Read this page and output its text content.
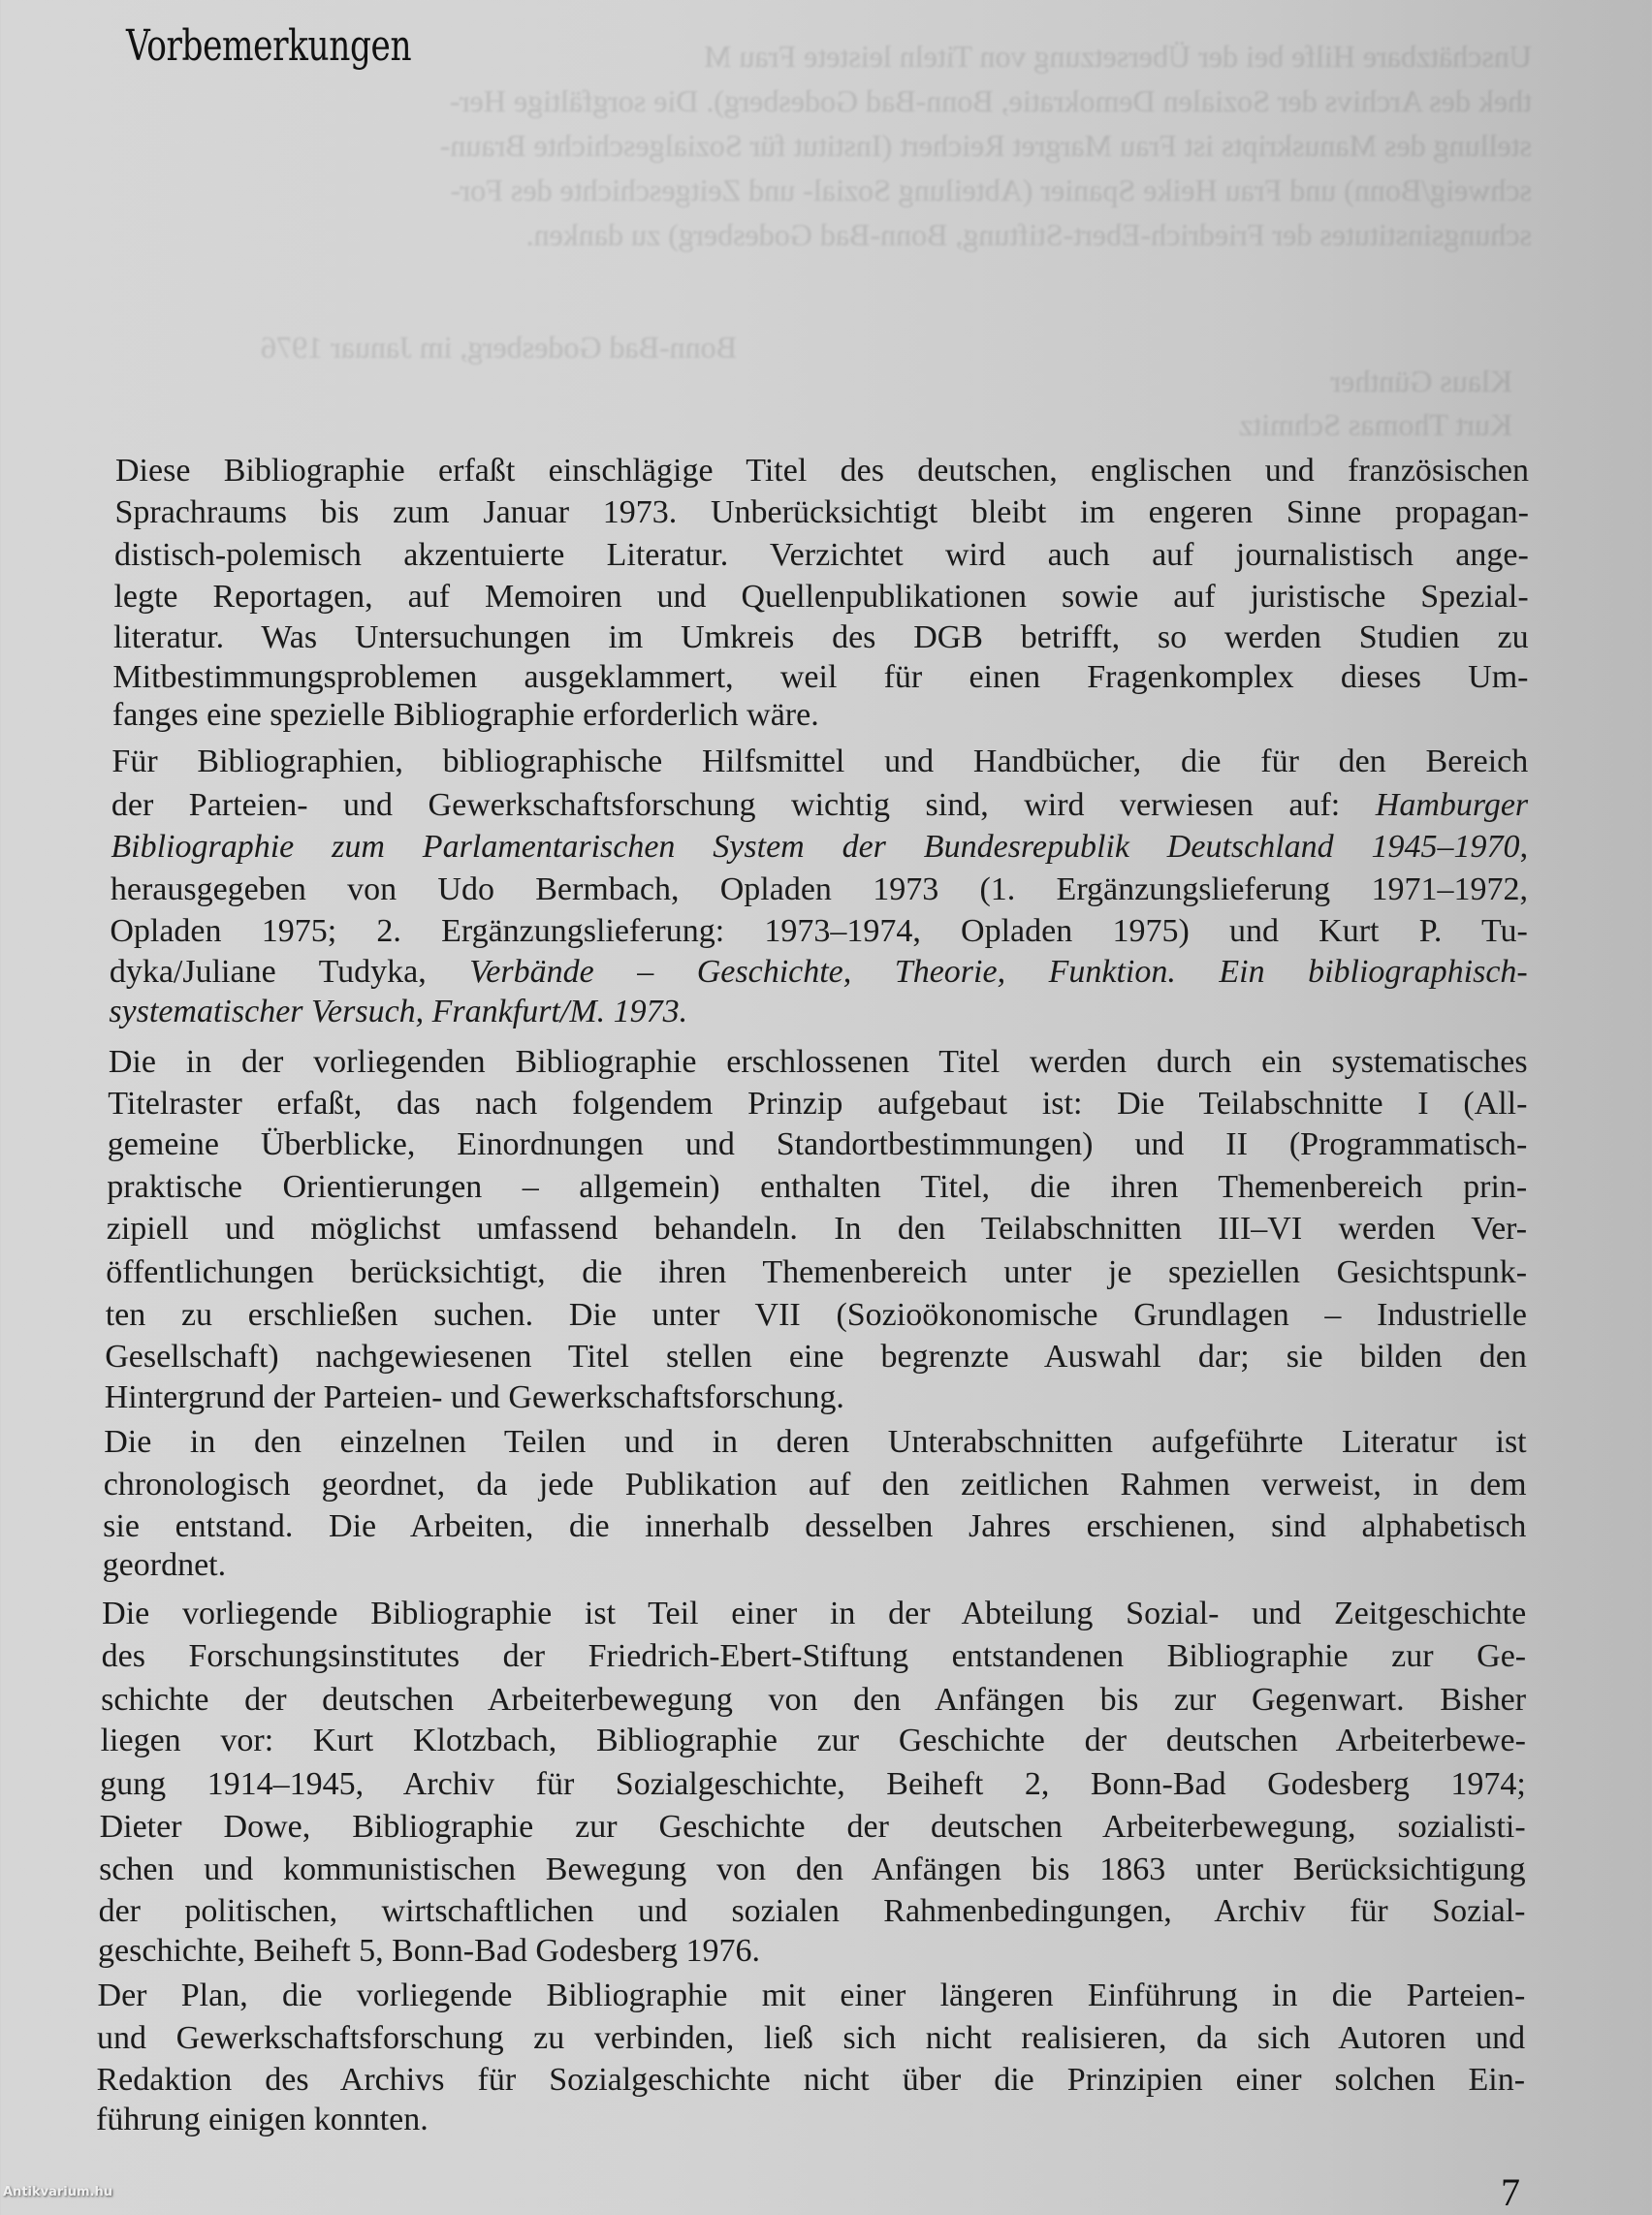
Unschätzbare Hilfe bei der Übersetzung von Titeln leistete Frau M
thek des Archivs der Sozialen Demokratie, Bonn-Bad Godesberg). Die sorgfältige Her-
stellung des Manuskripts ist Frau Margret Reichert (Institut für Sozialgeschichte Braun-
schweig/Bonn) und Frau Heike Spanier (Abteilung Sozial- und Zeitgeschichte des For-
schungsinstitutes der Friedrich-Ebert-Stiftung, Bonn-Bad Godesberg) zu danken.
Bonn-Bad Godesberg, im Januar 1976
Klaus Günther
Kurt Thomas Schmitz
Vorbemerkungen
Diese Bibliographie erfaßt einschlägige Titel des deutschen, englischen und französischen
Sprachraums bis zum Januar 1973. Unberücksichtigt bleibt im engeren Sinne propagan-
distisch-polemisch akzentuierte Literatur. Verzichtet wird auch auf journalistisch ange-
legte Reportagen, auf Memoiren und Quellenpublikationen sowie auf juristische Spezial-
literatur. Was Untersuchungen im Umkreis des DGB betrifft, so werden Studien zu
Mitbestimmungsproblemen ausgeklammert, weil für einen Fragenkomplex dieses Um-
fanges eine spezielle Bibliographie erforderlich wäre.
Für Bibliographien, bibliographische Hilfsmittel und Handbücher, die für den Bereich
der Parteien- und Gewerkschaftsforschung wichtig sind, wird verwiesen auf: Hamburger
Bibliographie zum Parlamentarischen System der Bundesrepublik Deutschland 1945–1970,
herausgegeben von Udo Bermbach, Opladen 1973 (1. Ergänzungslieferung 1971–1972,
Opladen 1975; 2. Ergänzungslieferung: 1973–1974, Opladen 1975) und Kurt P. Tu-
dyka/Juliane Tudyka, Verbände – Geschichte, Theorie, Funktion. Ein bibliographisch-
systematischer Versuch, Frankfurt/M. 1973.
Die in der vorliegenden Bibliographie erschlossenen Titel werden durch ein systematisches
Titelraster erfaßt, das nach folgendem Prinzip aufgebaut ist: Die Teilabschnitte I (All-
gemeine Überblicke, Einordnungen und Standortbestimmungen) und II (Programmatisch-
praktische Orientierungen – allgemein) enthalten Titel, die ihren Themenbereich prin-
zipiell und möglichst umfassend behandeln. In den Teilabschnitten III–VI werden Ver-
öffentlichungen berücksichtigt, die ihren Themenbereich unter je speziellen Gesichtspunk-
ten zu erschließen suchen. Die unter VII (Sozioökonomische Grundlagen – Industrielle
Gesellschaft) nachgewiesenen Titel stellen eine begrenzte Auswahl dar; sie bilden den
Hintergrund der Parteien- und Gewerkschaftsforschung.
Die in den einzelnen Teilen und in deren Unterabschnitten aufgeführte Literatur ist
chronologisch geordnet, da jede Publikation auf den zeitlichen Rahmen verweist, in dem
sie entstand. Die Arbeiten, die innerhalb desselben Jahres erschienen, sind alphabetisch
geordnet.
Die vorliegende Bibliographie ist Teil einer in der Abteilung Sozial- und Zeitgeschichte
des Forschungsinstitutes der Friedrich-Ebert-Stiftung entstandenen Bibliographie zur Ge-
schichte der deutschen Arbeiterbewegung von den Anfängen bis zur Gegenwart. Bisher
liegen vor: Kurt Klotzbach, Bibliographie zur Geschichte der deutschen Arbeiterbewe-
gung 1914–1945, Archiv für Sozialgeschichte, Beiheft 2, Bonn-Bad Godesberg 1974;
Dieter Dowe, Bibliographie zur Geschichte der deutschen Arbeiterbewegung, sozialisti-
schen und kommunistischen Bewegung von den Anfängen bis 1863 unter Berücksichtigung
der politischen, wirtschaftlichen und sozialen Rahmenbedingungen, Archiv für Sozial-
geschichte, Beiheft 5, Bonn-Bad Godesberg 1976.
Der Plan, die vorliegende Bibliographie mit einer längeren Einführung in die Parteien-
und Gewerkschaftsforschung zu verbinden, ließ sich nicht realisieren, da sich Autoren und
Redaktion des Archivs für Sozialgeschichte nicht über die Prinzipien einer solchen Ein-
führung einigen konnten.
7
Antikvarium.hu
